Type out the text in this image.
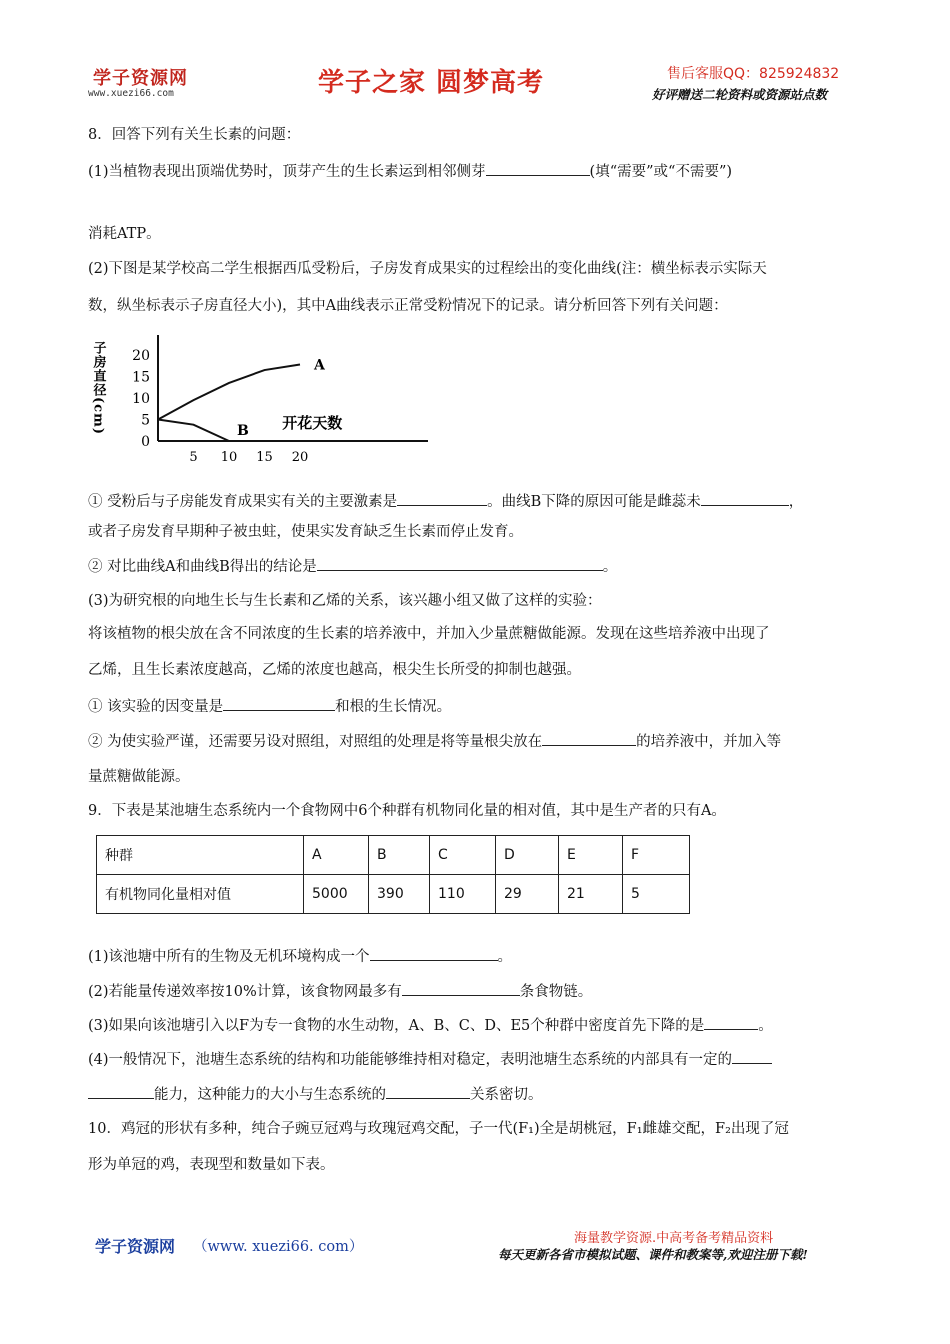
学子资源网
www.xuezi66.com	学子之家 圆梦高考	售后客服QQ：825924832
好评赠送二轮资料或资源站点数
8．回答下列有关生长素的问题：
(1)当植物表现出顶端优势时，顶芽产生的生长素运到相邻侧芽	(填“需要”或“不需要”)
消耗ATP。
(2)下图是某学校高二学生根据西瓜受粉后，子房发育成果实的过程绘出的变化曲线(注：横坐标表示实际天
数，纵坐标表示子房直径大小)，其中A曲线表示正常受粉情况下的记录。请分析回答下列有关问题：
子房直径(cm) 20
15
10
5
0
5 10 15 20
开花天数
A
B
① 受粉后与子房能发育成果实有关的主要激素是	。曲线B下降的原因可能是雌蕊未	，
或者子房发育早期种子被虫蛀，使果实发育缺乏生长素而停止发育。
② 对比曲线A和曲线B得出的结论是	。
(3)为研究根的向地生长与生长素和乙烯的关系，该兴趣小组又做了这样的实验：
将该植物的根尖放在含不同浓度的生长素的培养液中，并加入少量蔗糖做能源。发现在这些培养液中出现了
乙烯，且生长素浓度越高，乙烯的浓度也越高，根尖生长所受的抑制也越强。
① 该实验的因变量是	和根的生长情况。
② 为使实验严谨，还需要另设对照组，对照组的处理是将等量根尖放在	的培养液中，并加入等
量蔗糖做能源。
9．下表是某池塘生态系统内一个食物网中6个种群有机物同化量的相对值，其中是生产者的只有A。
种群	A	B	C	D	E	F
有机物同化量相对值	5000	390	110	29	21	5
(1)该池塘中所有的生物及无机环境构成一个	。
(2)若能量传递效率按10%计算，该食物网最多有	条食物链。
(3)如果向该池塘引入以F为专一食物的水生动物，A、B、C、D、E5个种群中密度首先下降的是	。
(4)一般情况下，池塘生态系统的结构和功能能够维持相对稳定，表明池塘生态系统的内部具有一定的
能力，这种能力的大小与生态系统的	关系密切。
10．鸡冠的形状有多种，纯合子豌豆冠鸡与玫瑰冠鸡交配，子一代(F₁)全是胡桃冠，F₁雌雄交配，F₂出现了冠
形为单冠的鸡，表现型和数量如下表。
学子资源网 （www. xuezi66. com）
海量教学资源.中高考备考精品资料
每天更新各省市模拟试题、课件和教案等,欢迎注册下载!
